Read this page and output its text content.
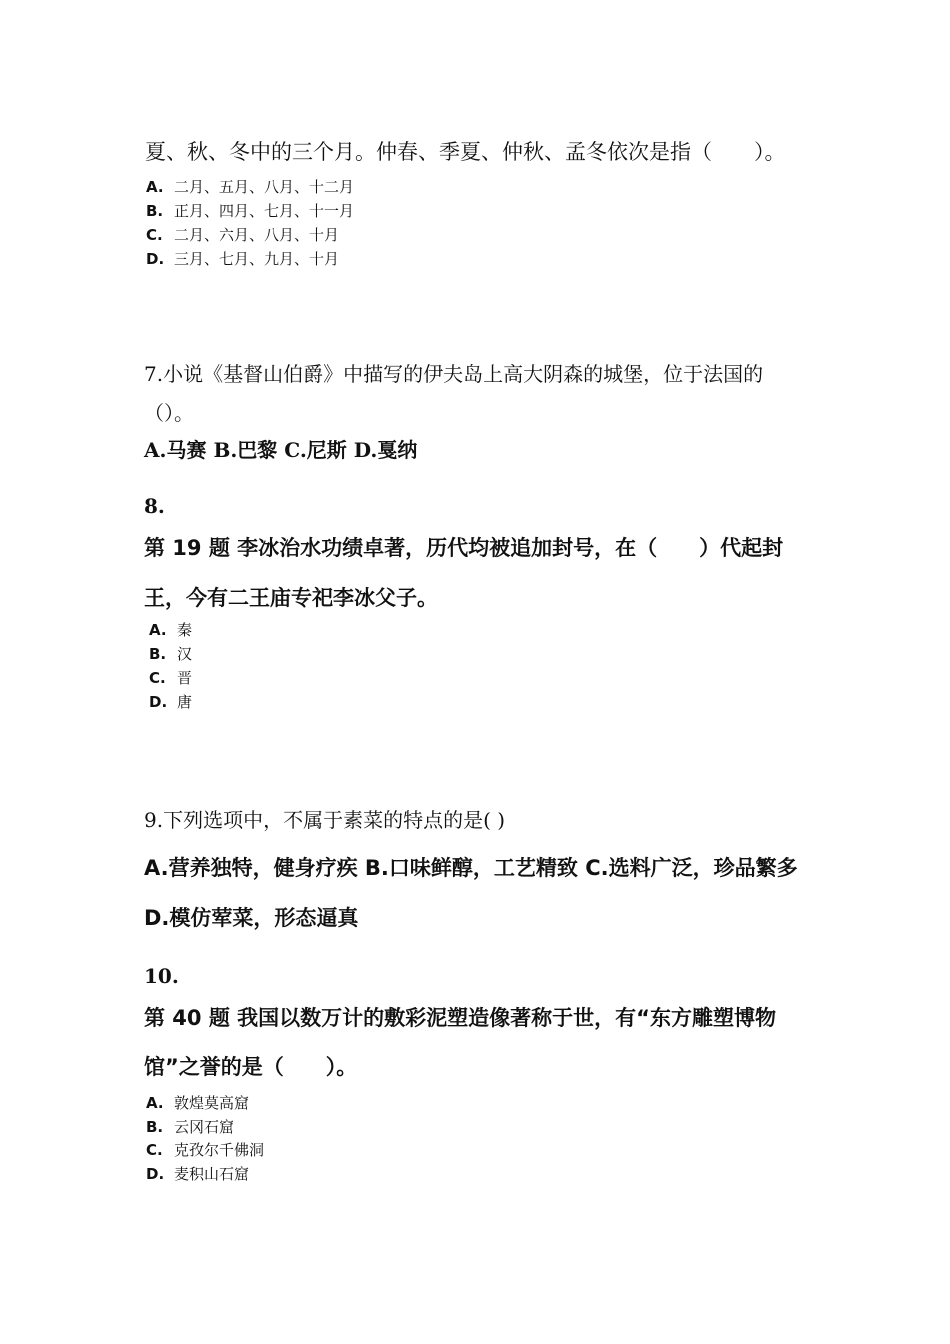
夏、秋、冬中的三个月。仲春、季夏、仲秋、孟冬依次是指（　　）。
A. 二月、五月、八月、十二月
B. 正月、四月、七月、十一月
C. 二月、六月、八月、十月
D. 三月、七月、九月、十月
7.小说《基督山伯爵》中描写的伊夫岛上高大阴森的城堡，位于法国的
（）。
A.马赛 B.巴黎 C.尼斯 D.戛纳
8.
第 19 题 李冰治水功绩卓著，历代均被追加封号，在（　　）代起封
王，今有二王庙专祀李冰父子。
A. 秦
B. 汉
C. 晋
D. 唐
9.下列选项中，不属于素菜的特点的是( )
A.营养独特，健身疗疾 B.口味鲜醇，工艺精致 C.选料广泛，珍品繁多
D.模仿荤菜，形态逼真
10.
第 40 题 我国以数万计的敷彩泥塑造像著称于世，有“东方雕塑博物
馆”之誉的是（　　）。
A. 敦煌莫高窟
B. 云冈石窟
C. 克孜尔千佛洞
D. 麦积山石窟
